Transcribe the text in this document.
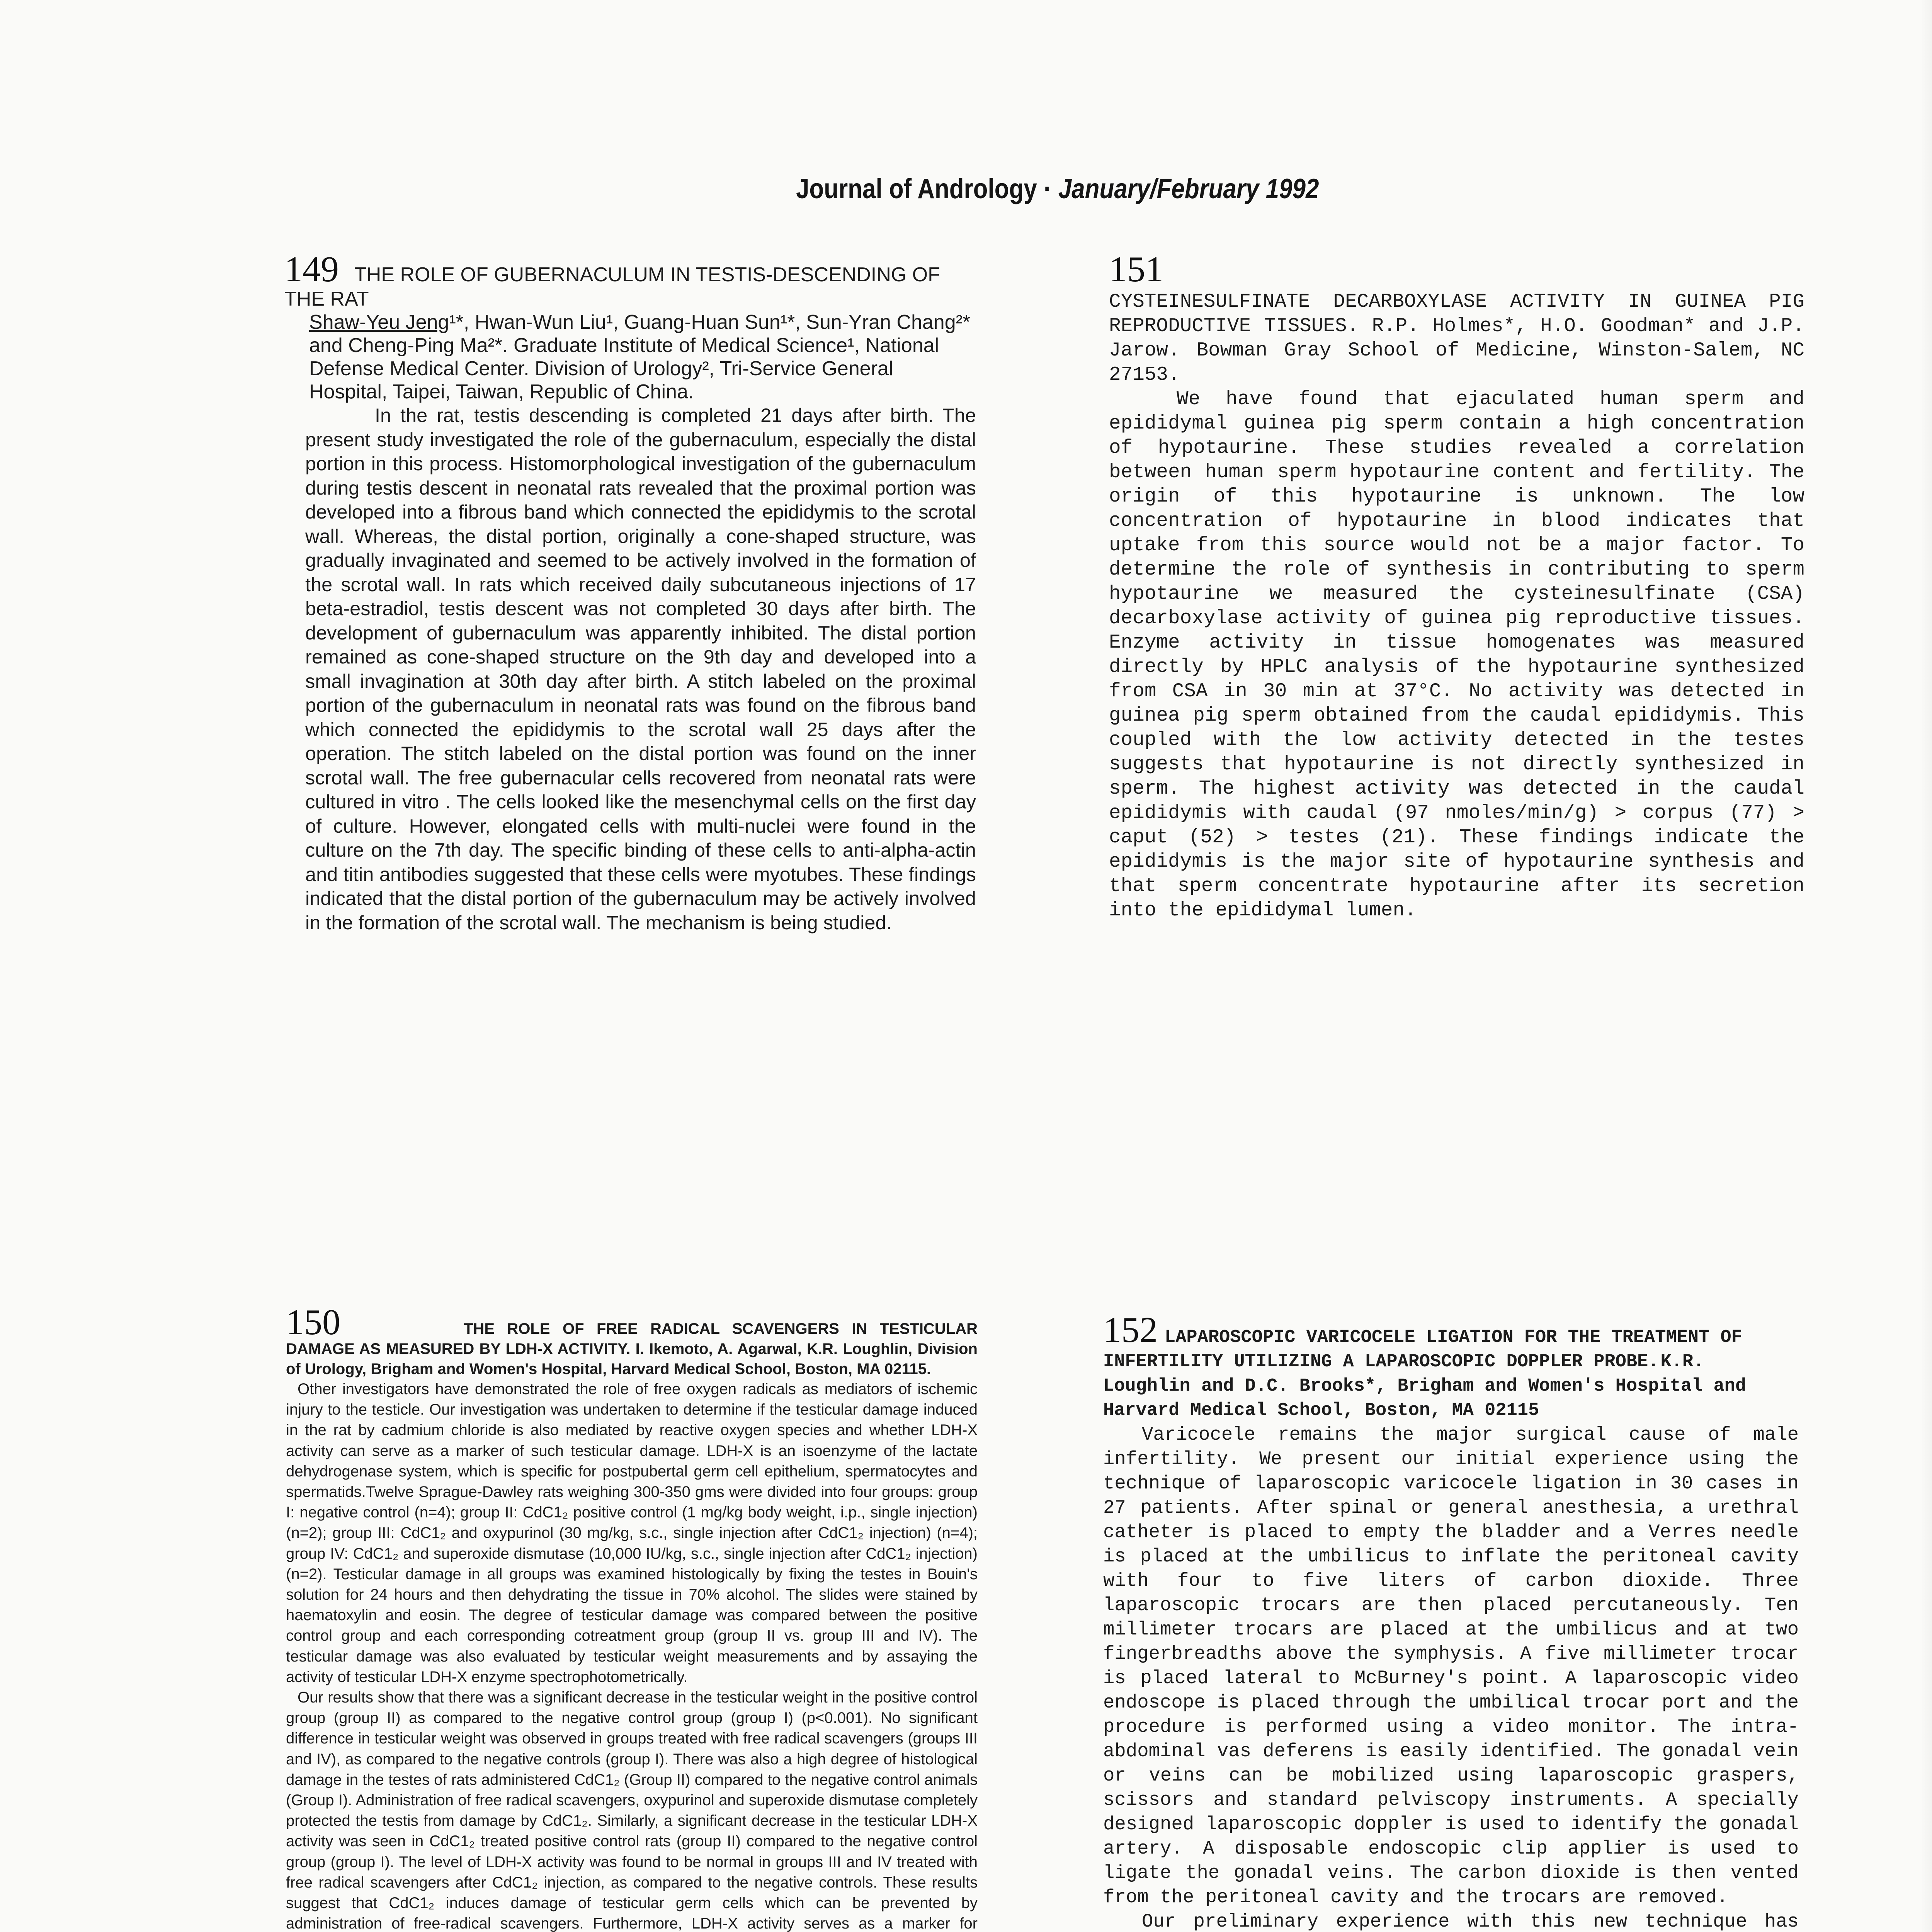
Journal of Andrology · January/February 1992
149 THE ROLE OF GUBERNACULUM IN TESTIS-DESCENDING OF THE RAT
Shaw-Yeu Jeng¹*, Hwan-Wun Liu¹, Guang-Huan Sun¹*, Sun-Yran Chang²* and Cheng-Ping Ma²*. Graduate Institute of Medical Science¹, National Defense Medical Center. Division of Urology², Tri-Service General Hospital, Taipei, Taiwan, Republic of China.

In the rat, testis descending is completed 21 days after birth. The present study investigated the role of the gubernaculum, especially the distal portion in this process. Histomorphological investigation of the gubernaculum during testis descent in neonatal rats revealed that the proximal portion was developed into a fibrous band which connected the epididymis to the scrotal wall. Whereas, the distal portion, originally a cone-shaped structure, was gradually invaginated and seemed to be actively involved in the formation of the scrotal wall. In rats which received daily subcutaneous injections of 17 beta-estradiol, testis descent was not completed 30 days after birth. The development of gubernaculum was apparently inhibited. The distal portion remained as cone-shaped structure on the 9th day and developed into a small invagination at 30th day after birth. A stitch labeled on the proximal portion of the gubernaculum in neonatal rats was found on the fibrous band which connected the epididymis to the scrotal wall 25 days after the operation. The stitch labeled on the distal portion was found on the inner scrotal wall. The free gubernacular cells recovered from neonatal rats were cultured in vitro . The cells looked like the mesenchymal cells on the first day of culture. However, elongated cells with multi-nuclei were found in the culture on the 7th day. The specific binding of these cells to anti-alpha-actin and titin antibodies suggested that these cells were myotubes. These findings indicated that the distal portion of the gubernaculum may be actively involved in the formation of the scrotal wall. The mechanism is being studied.

151
CYSTEINESULFINATE DECARBOXYLASE ACTIVITY IN GUINEA PIG REPRODUCTIVE TISSUES. R.P. Holmes*, H.O. Goodman* and J.P. Jarow. Bowman Gray School of Medicine, Winston-Salem, NC 27153.

We have found that ejaculated human sperm and epididymal guinea pig sperm contain a high concentration of hypotaurine. These studies revealed a correlation between human sperm hypotaurine content and fertility. The origin of this hypotaurine is unknown. The low concentration of hypotaurine in blood indicates that uptake from this source would not be a major factor. To determine the role of synthesis in contributing to sperm hypotaurine we measured the cysteinesulfinate (CSA) decarboxylase activity of guinea pig reproductive tissues. Enzyme activity in tissue homogenates was measured directly by HPLC analysis of the hypotaurine synthesized from CSA in 30 min at 37°C. No activity was detected in guinea pig sperm obtained from the caudal epididymis. This coupled with the low activity detected in the testes suggests that hypotaurine is not directly synthesized in sperm. The highest activity was detected in the caudal epididymis with caudal (97 nmoles/min/g) > corpus (77) > caput (52) > testes (21). These findings indicate the epididymis is the major site of hypotaurine synthesis and that sperm concentrate hypotaurine after its secretion into the epididymal lumen.

150	THE ROLE OF FREE RADICAL SCAVENGERS IN TESTICULAR DAMAGE AS MEASURED BY LDH-X ACTIVITY. I. Ikemoto, A. Agarwal, K.R. Loughlin, Division of Urology, Brigham and Women's Hospital, Harvard Medical School, Boston, MA 02115.

Other investigators have demonstrated the role of free oxygen radicals as mediators of ischemic injury to the testicle. Our investigation was undertaken to determine if the testicular damage induced in the rat by cadmium chloride is also mediated by reactive oxygen species and whether LDH-X activity can serve as a marker of such testicular damage. LDH-X is an isoenzyme of the lactate dehydrogenase system, which is specific for postpubertal germ cell epithelium, spermatocytes and spermatids.Twelve Sprague-Dawley rats weighing 300-350 gms were divided into four groups: group I: negative control (n=4); group II: CdC1₂ positive control (1 mg/kg body weight, i.p., single injection) (n=2); group III: CdC1₂ and oxypurinol (30 mg/kg, s.c., single injection after CdC1₂ injection) (n=4); group IV: CdC1₂ and superoxide dismutase (10,000 IU/kg, s.c., single injection after CdC1₂ injection) (n=2). Testicular damage in all groups was examined histologically by fixing the testes in Bouin's solution for 24 hours and then dehydrating the tissue in 70% alcohol. The slides were stained by haematoxylin and eosin. The degree of testicular damage was compared between the positive control group and each corresponding cotreatment group (group II vs. group III and IV). The testicular damage was also evaluated by testicular weight measurements and by assaying the activity of testicular LDH-X enzyme spectrophotometrically.

Our results show that there was a significant decrease in the testicular weight in the positive control group (group II) as compared to the negative control group (group I) (p<0.001). No significant difference in testicular weight was observed in groups treated with free radical scavengers (groups III and IV), as compared to the negative controls (group I). There was also a high degree of histological damage in the testes of rats administered CdC1₂ (Group II) compared to the negative control animals (Group I). Administration of free radical scavengers, oxypurinol and superoxide dismutase completely protected the testis from damage by CdC1₂. Similarly, a significant decrease in the testicular LDH-X activity was seen in CdC1₂ treated positive control rats (group II) compared to the negative control group (group I). The level of LDH-X activity was found to be normal in groups III and IV treated with free radical scavengers after CdC1₂ injection, as compared to the negative controls. These results suggest that CdC1₂ induces damage of testicular germ cells which can be prevented by administration of free-radical scavengers. Furthermore, LDH-X activity serves as a marker for

152 LAPAROSCOPIC VARICOCELE LIGATION FOR THE TREATMENT OF INFERTILITY UTILIZING A LAPAROSCOPIC DOPPLER PROBE. K.R. Loughlin and D.C. Brooks*, Brigham and Women's Hospital and Harvard Medical School, Boston, MA 02115

Varicocele remains the major surgical cause of male infertility. We present our initial experience using the technique of laparoscopic varicocele ligation in 30 cases in 27 patients. After spinal or general anesthesia, a urethral catheter is placed to empty the bladder and a Verres needle is placed at the umbilicus to inflate the peritoneal cavity with four to five liters of carbon dioxide. Three laparoscopic trocars are then placed percutaneously. Ten millimeter trocars are placed at the umbilicus and at two fingerbreadths above the symphysis. A five millimeter trocar is placed lateral to McBurney's point. A laparoscopic video endoscope is placed through the umbilical trocar port and the procedure is performed using a video monitor. The intra-abdominal vas deferens is easily identified. The gonadal vein or veins can be mobilized using laparoscopic graspers, scissors and standard pelviscopy instruments. A specially designed laparoscopic doppler is used to identify the gonadal artery. A disposable endoscopic clip applier is used to ligate the gonadal veins. The carbon dioxide is then vented from the peritoneal cavity and the trocars are removed.

Our preliminary experience with this new technique has
